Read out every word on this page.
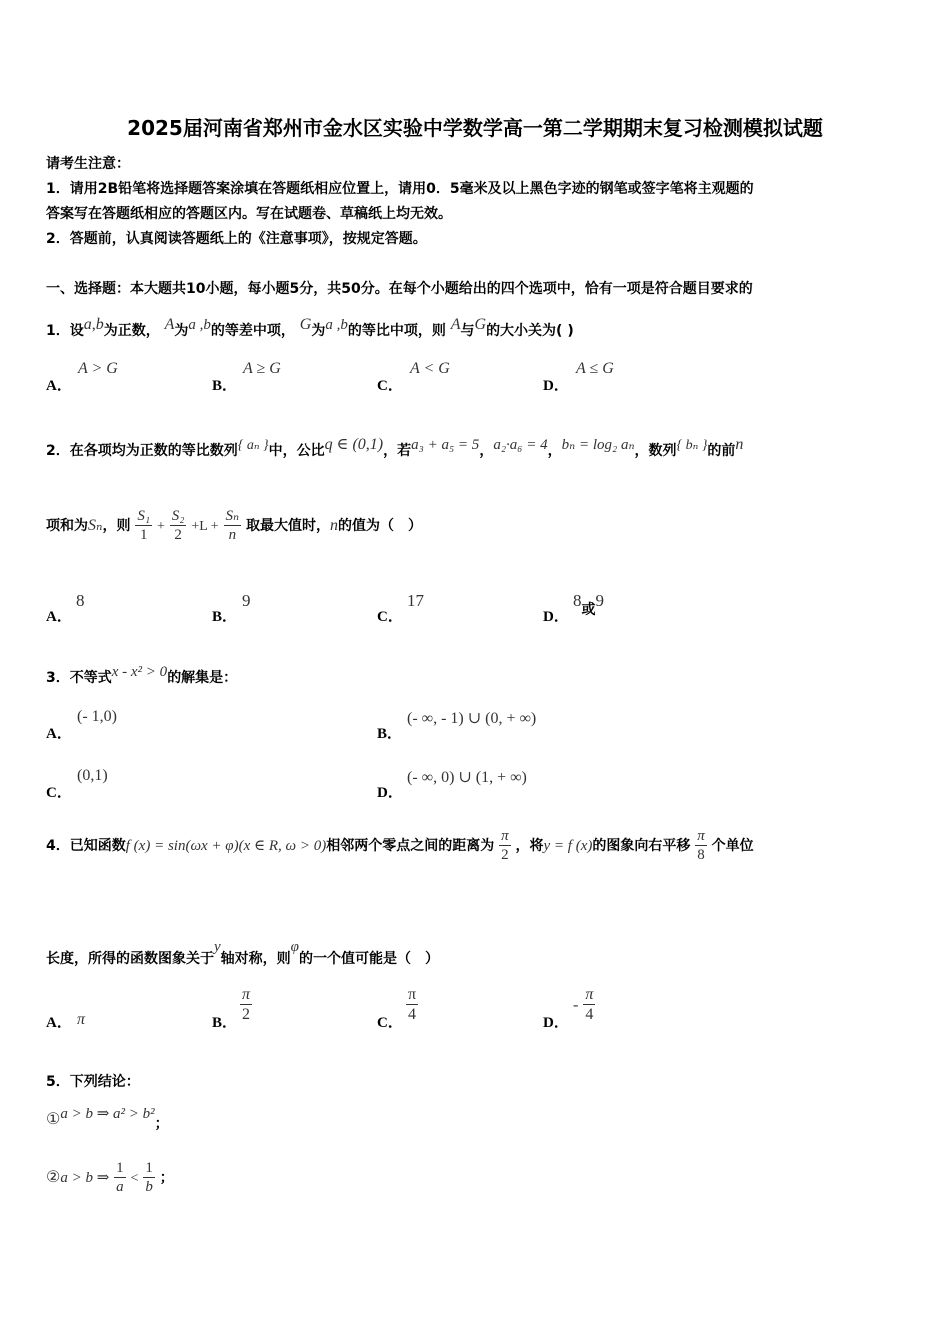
2025届河南省郑州市金水区实验中学数学高一第二学期期末复习检测模拟试题
请考生注意：
1．请用2B铅笔将选择题答案涂填在答题纸相应位置上，请用0．5毫米及以上黑色字迹的钢笔或签字笔将主观题的
答案写在答题纸相应的答题区内。写在试题卷、草稿纸上均无效。
2．答题前，认真阅读答题纸上的《注意事项》，按规定答题。
一、选择题：本大题共10小题，每小题5分，共50分。在每个小题给出的四个选项中，恰有一项是符合题目要求的
1．设a,b为正数， A为a ,b的等差中项， G为a ,b的等比中项，则 A与G的大小关为( )
A．
A > G
B．
A ≥ G
C．
A < G
D．
A ≤ G
2．在各项均为正数的等比数列{ aₙ }中，公比q ∈ (0,1)，若a₃ + a₅ = 5，a₂·a₆ = 4，bₙ = log₂ aₙ，数列{ bₙ }的前n
项和为Sₙ，则 $\frac{\text{S₁}}{1} + \frac{\text{S₂}}{2} +L + \frac{\text{Sₙ}}{n}$ 取最大值时，n的值为（　）
A．
8
B．
9
C．
17
D．
8或9
3．不等式x - x² > 0的解集是：
A．
(- 1,0)
B．
(- ∞, - 1) ∪ (0, + ∞)
C．
(0,1)
D．
(- ∞, 0) ∪ (1, + ∞)
4．已知函数f (x) = sin(ωx + φ)(x ∈ R, ω > 0)相邻两个零点之间的距离为 $\frac{\pi}{2}$ ，将y = f (x)的图象向右平移 $\frac{\pi}{8}$ 个单位
长度，所得的函数图象关于y轴对称，则φ的一个值可能是（　）
A． π	B． $\frac{\pi}{2}$	C． $\frac{\pi}{4}$	D．
- $\frac{\pi}{4}$
5．下列结论：
①a > b ⇒ a² > b²；
②a > b ⇒ $\frac{1}{a} < \frac{1}{b}$ ；
